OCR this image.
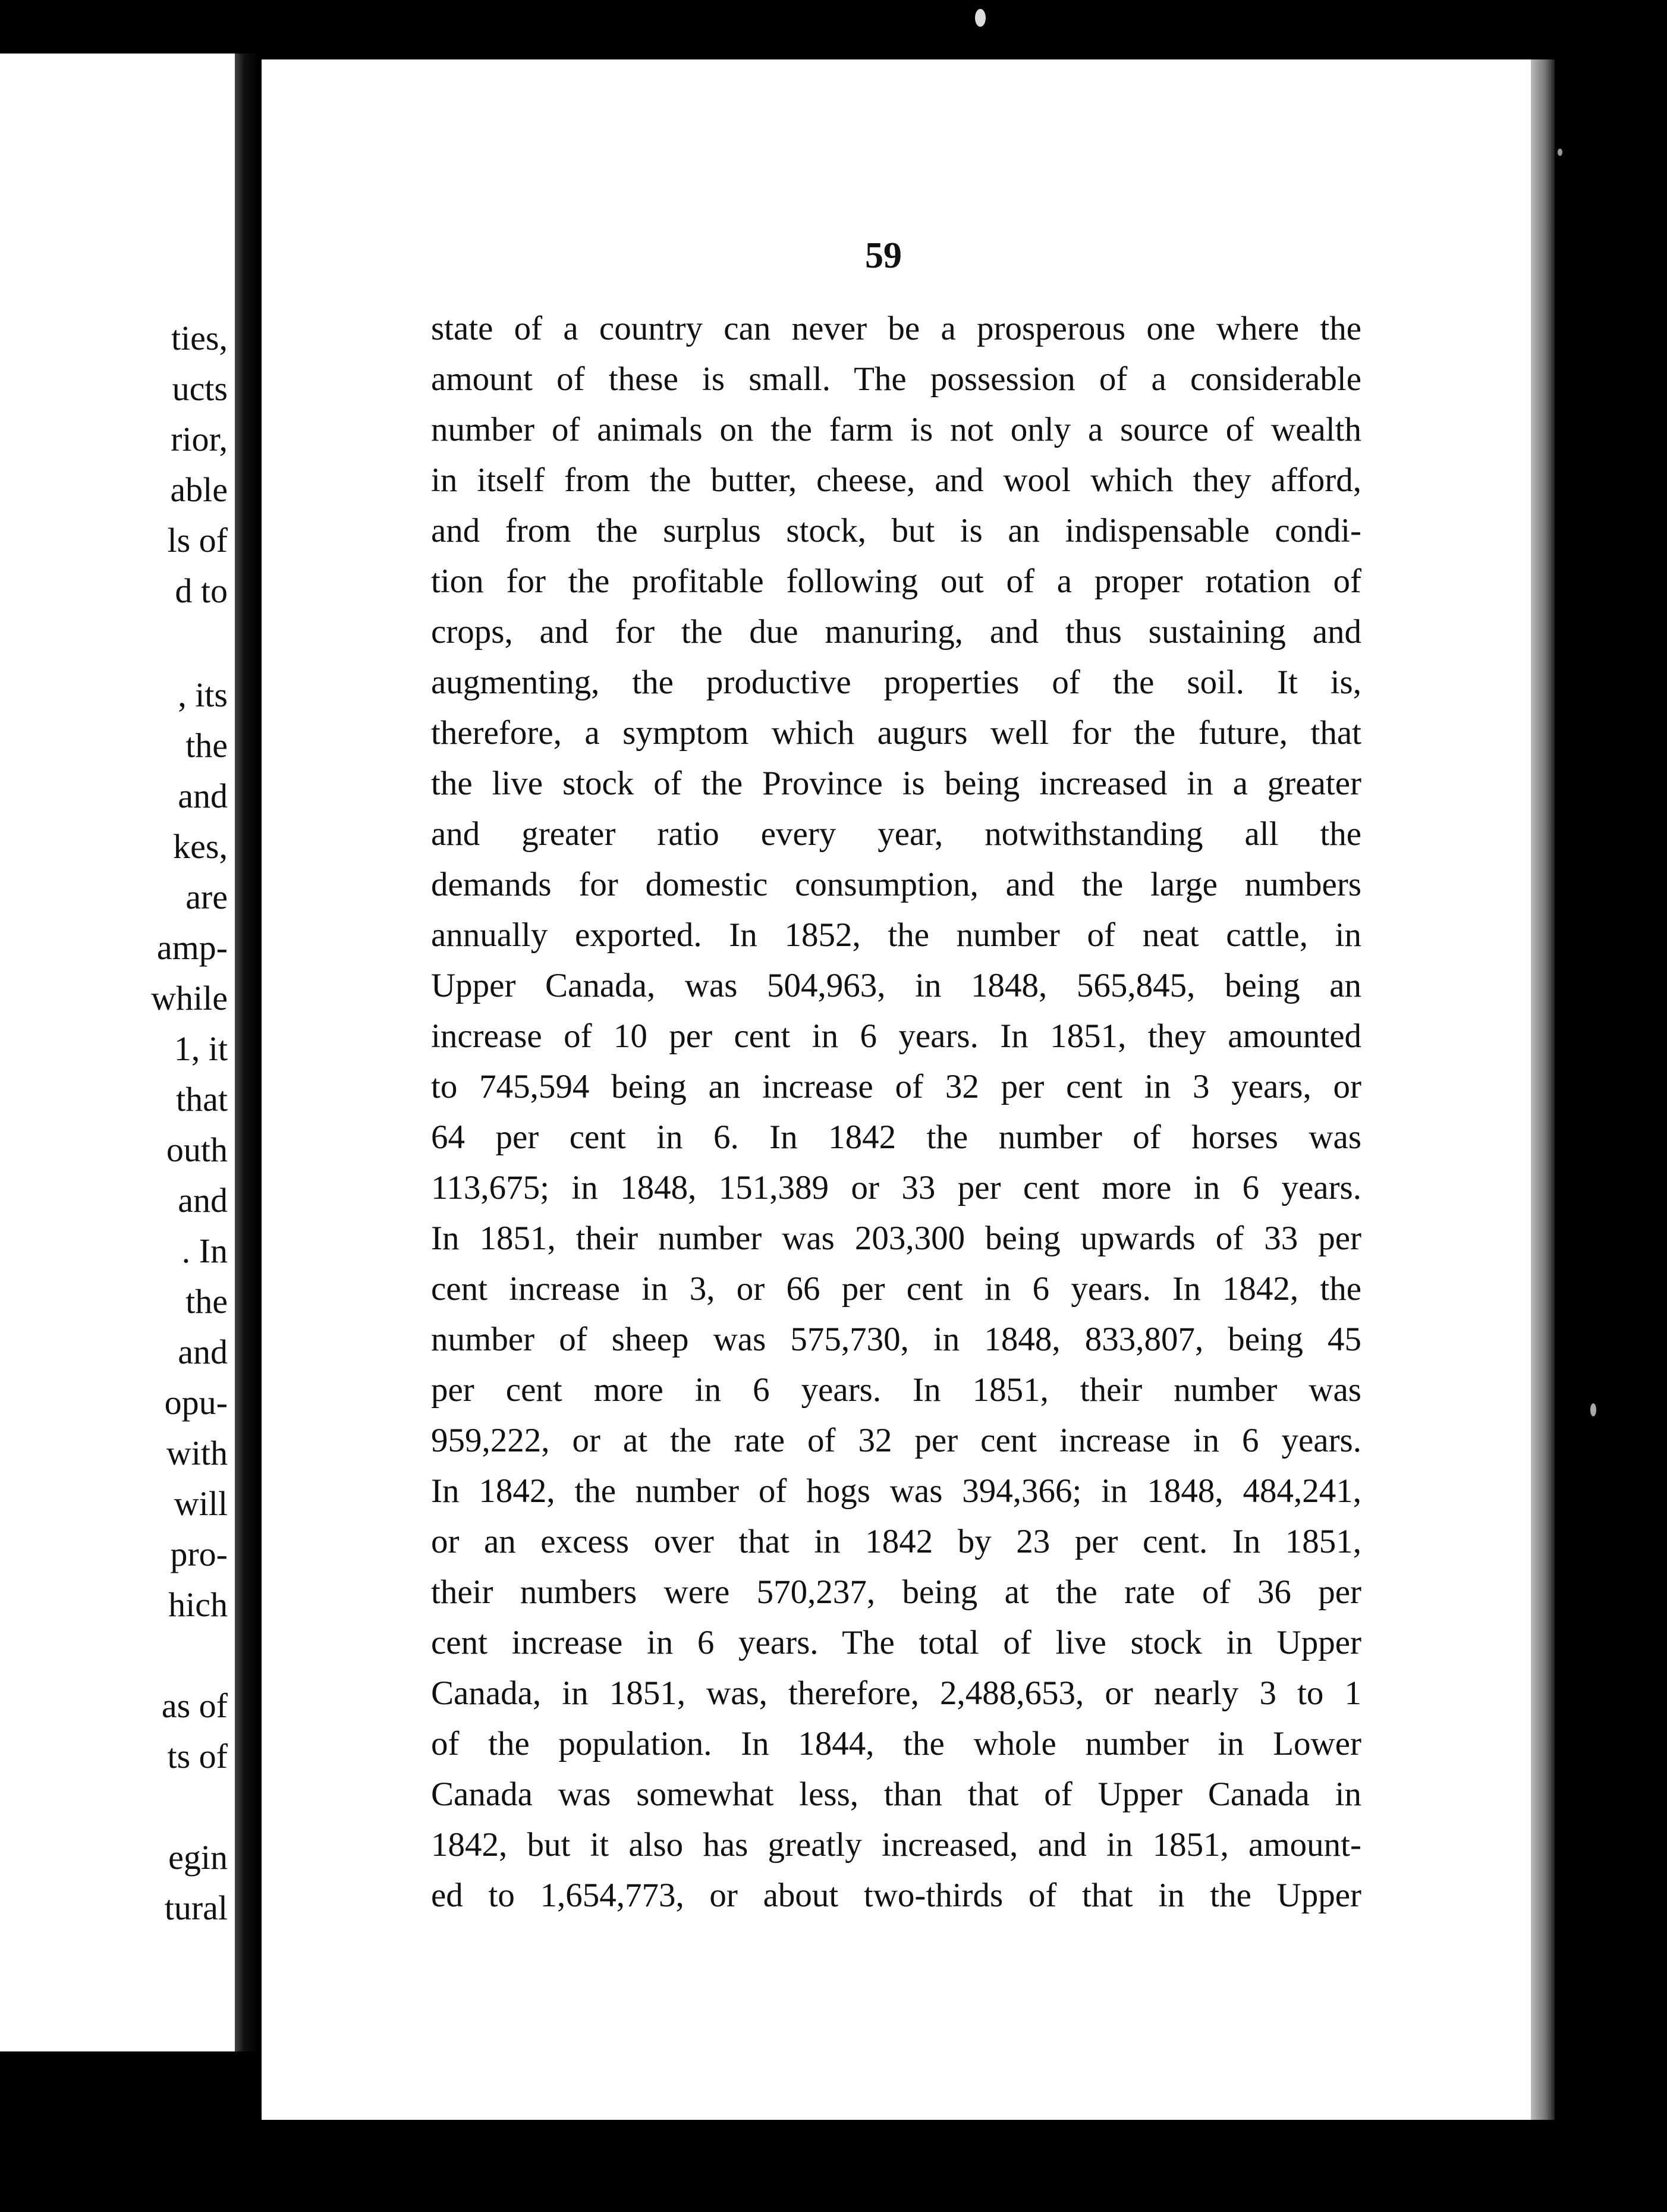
ties,

ucts

rior,

able

ls of

d to

, its

the

and

kes,

are

amp-

while

1, it

that

outh

and

. In

the

and

opu-

with

will

pro-

hich

as of

ts of

egin

tural

59

state of a country can never be a prosperous one where the
amount of these is small. The possession of a considerable
number of animals on the farm is not only a source of wealth
in itself from the butter, cheese, and wool which they afford,
and from the surplus stock, but is an indispensable condi-
tion for the profitable following out of a proper rotation of
crops, and for the due manuring, and thus sustaining and
augmenting, the productive properties of the soil. It is,
therefore, a symptom which augurs well for the future, that
the live stock of the Province is being increased in a greater
and greater ratio every year, notwithstanding all the
demands for domestic consumption, and the large numbers
annually exported. In 1852, the number of neat cattle, in
Upper Canada, was 504,963, in 1848, 565,845, being an
increase of 10 per cent in 6 years. In 1851, they amounted
to 745,594 being an increase of 32 per cent in 3 years, or
64 per cent in 6. In 1842 the number of horses was
113,675; in 1848, 151,389 or 33 per cent more in 6 years.
In 1851, their number was 203,300 being upwards of 33 per
cent increase in 3, or 66 per cent in 6 years. In 1842, the
number of sheep was 575,730, in 1848, 833,807, being 45
per cent more in 6 years. In 1851, their number was
959,222, or at the rate of 32 per cent increase in 6 years.
In 1842, the number of hogs was 394,366; in 1848, 484,241,
or an excess over that in 1842 by 23 per cent. In 1851,
their numbers were 570,237, being at the rate of 36 per
cent increase in 6 years. The total of live stock in Upper
Canada, in 1851, was, therefore, 2,488,653, or nearly 3 to 1
of the population. In 1844, the whole number in Lower
Canada was somewhat less, than that of Upper Canada in
1842, but it also has greatly increased, and in 1851, amount-
ed to 1,654,773, or about two-thirds of that in the Upper
